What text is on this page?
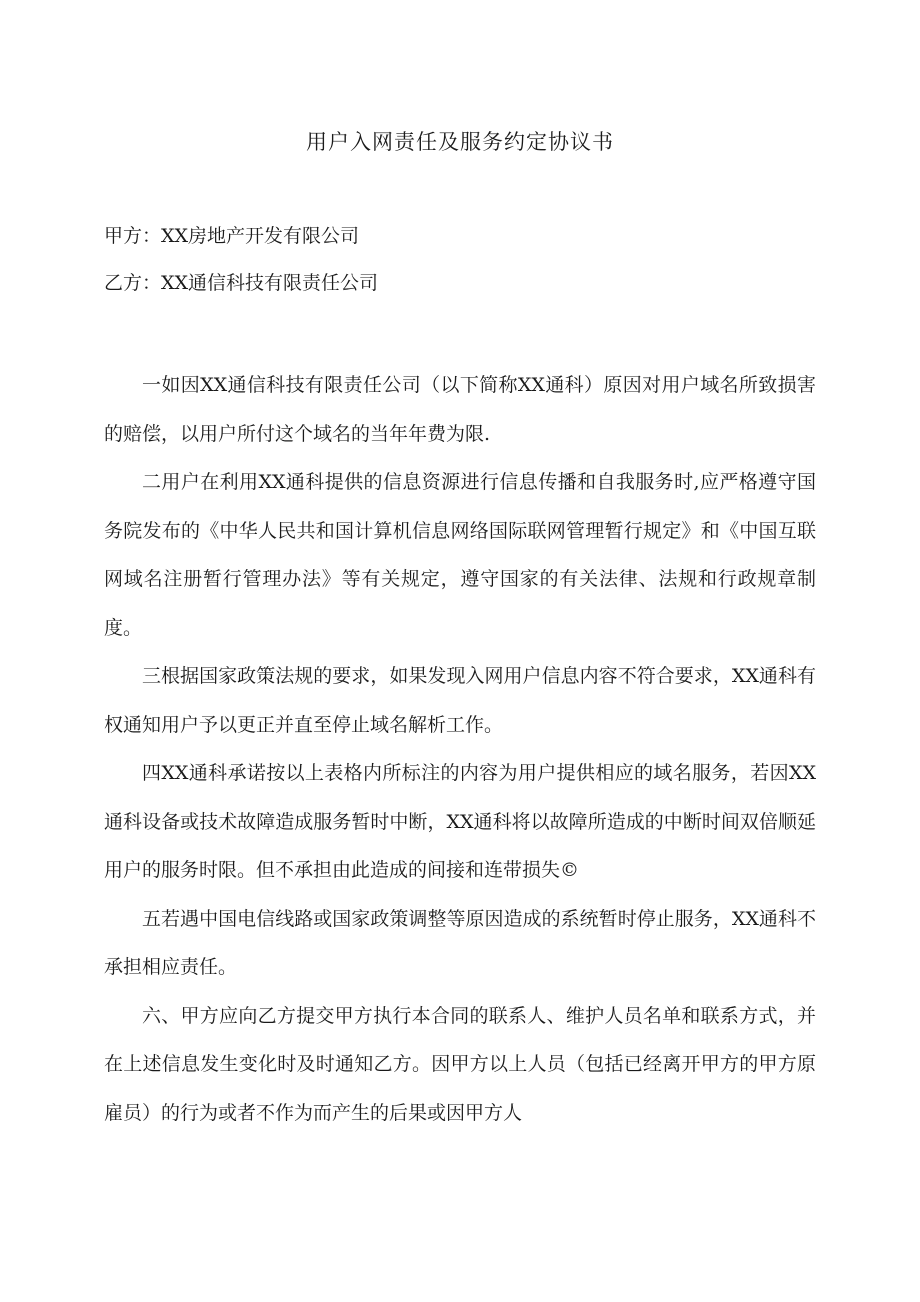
用户入网责任及服务约定协议书
甲方：XX房地产开发有限公司
乙方：XX通信科技有限责任公司

一如因XX通信科技有限责任公司（以下简称XX通科）原因对用户域名所致损害的赔偿，以用户所付这个域名的当年年费为限.

二用户在利用XX通科提供的信息资源进行信息传播和自我服务时,应严格遵守国务院发布的《中华人民共和国计算机信息网络国际联网管理暂行规定》和《中国互联网域名注册暂行管理办法》等有关规定，遵守国家的有关法律、法规和行政规章制度。

三根据国家政策法规的要求，如果发现入网用户信息内容不符合要求，XX通科有权通知用户予以更正并直至停止域名解析工作。

四XX通科承诺按以上表格内所标注的内容为用户提供相应的域名服务，若因XX通科设备或技术故障造成服务暂时中断，XX通科将以故障所造成的中断时间双倍顺延用户的服务时限。但不承担由此造成的间接和连带损失©

五若遇中国电信线路或国家政策调整等原因造成的系统暂时停止服务，XX通科不承担相应责任。

六、甲方应向乙方提交甲方执行本合同的联系人、维护人员名单和联系方式，并在上述信息发生变化时及时通知乙方。因甲方以上人员（包括已经离开甲方的甲方原雇员）的行为或者不作为而产生的后果或因甲方人
